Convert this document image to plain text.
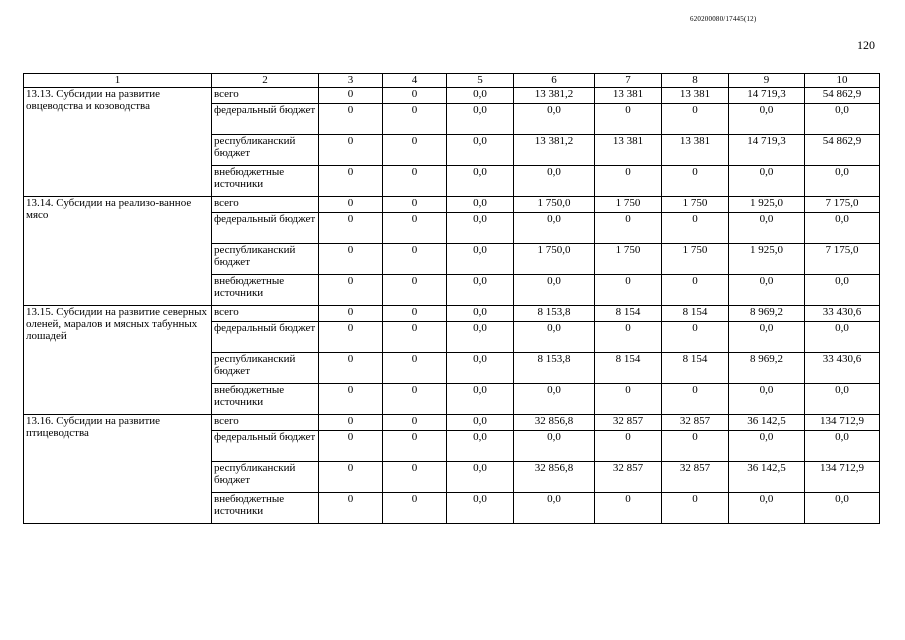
620200080/17445(12)
120
1	2	3	4	5	6	7	8	9	10
13.13. Субсидии на развитие овцеводства и козоводства	всего	0	0	0,0	13 381,2	13 381	13 381	14 719,3	54 862,9
	федеральный бюджет	0	0	0,0	0,0	0	0	0,0	0,0
	республиканский бюджет	0	0	0,0	13 381,2	13 381	13 381	14 719,3	54 862,9
	внебюджетные источники	0	0	0,0	0,0	0	0	0,0	0,0
13.14. Субсидии на реализо-ванное мясо	всего	0	0	0,0	1 750,0	1 750	1 750	1 925,0	7 175,0
	федеральный бюджет	0	0	0,0	0,0	0	0	0,0	0,0
	республиканский бюджет	0	0	0,0	1 750,0	1 750	1 750	1 925,0	7 175,0
	внебюджетные источники	0	0	0,0	0,0	0	0	0,0	0,0
13.15. Субсидии на развитие северных оленей, маралов и мясных табунных лошадей	всего	0	0	0,0	8 153,8	8 154	8 154	8 969,2	33 430,6
	федеральный бюджет	0	0	0,0	0,0	0	0	0,0	0,0
	республиканский бюджет	0	0	0,0	8 153,8	8 154	8 154	8 969,2	33 430,6
	внебюджетные источники	0	0	0,0	0,0	0	0	0,0	0,0
13.16. Субсидии на развитие птицеводства	всего	0	0	0,0	32 856,8	32 857	32 857	36 142,5	134 712,9
	федеральный бюджет	0	0	0,0	0,0	0	0	0,0	0,0
	республиканский бюджет	0	0	0,0	32 856,8	32 857	32 857	36 142,5	134 712,9
	внебюджетные источники	0	0	0,0	0,0	0	0	0,0	0,0
